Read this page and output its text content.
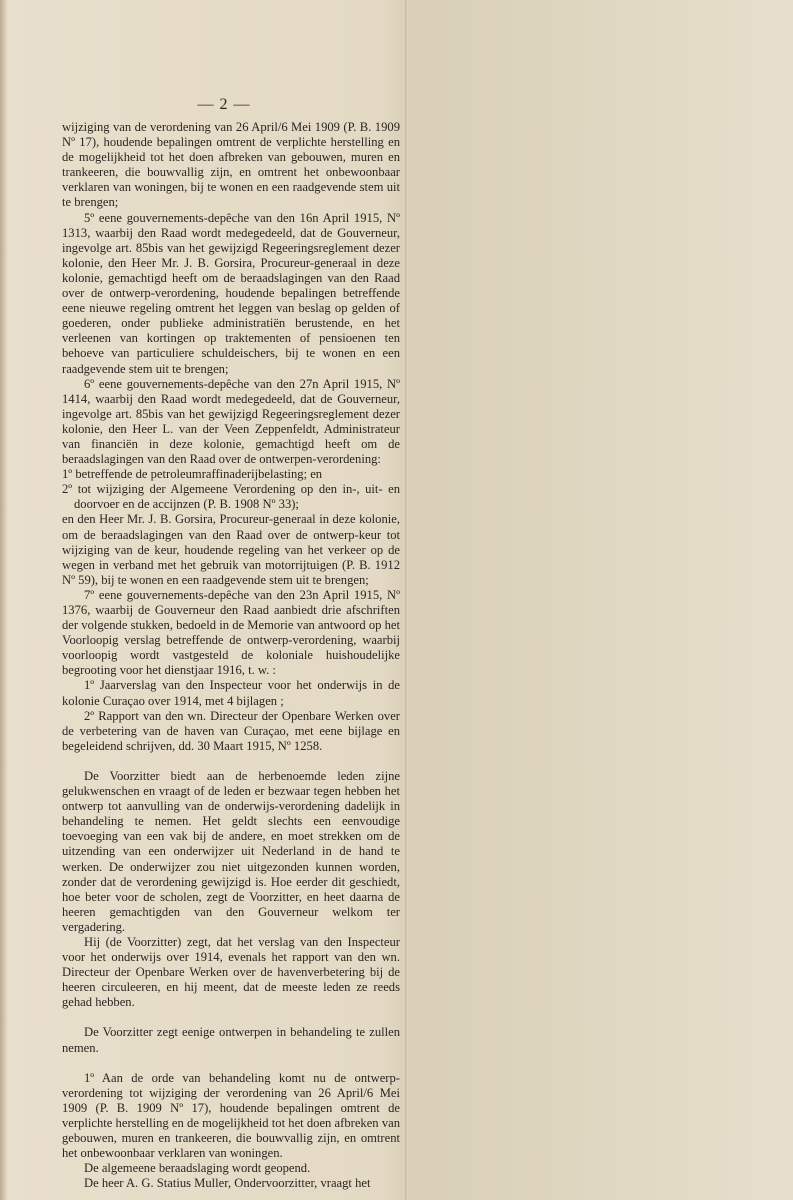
— 2 —

wijziging van de verordening van 26 April/6 Mei 1909 (P. B. 1909 Nº 17), houdende bepalingen omtrent de verplichte herstelling en de mogelijkheid tot het doen afbreken van gebouwen, muren en trankeeren, die bouwvallig zijn, en omtrent het onbewoonbaar verklaren van woningen, bij te wonen en een raadgevende stem uit te brengen;

5º eene gouvernements-depêche van den 16n April 1915, Nº 1313, waarbij den Raad wordt medegedeeld, dat de Gouverneur, ingevolge art. 85bis van het gewijzigd Regeeringsreglement dezer kolonie, den Heer Mr. J. B. Gorsira, Procureur-generaal in deze kolonie, gemachtigd heeft om de beraadslagingen van den Raad over de ontwerp-verordening, houdende bepalingen betreffende eene nieuwe regeling omtrent het leggen van beslag op gelden of goederen, onder publieke administratiën berustende, en het verleenen van kortingen op traktementen of pensioenen ten behoeve van particuliere schuldeischers, bij te wonen en een raadgevende stem uit te brengen;

6º eene gouvernements-depêche van den 27n April 1915, Nº 1414, waarbij den Raad wordt medegedeeld, dat de Gouverneur, ingevolge art. 85bis van het gewijzigd Regeeringsreglement dezer kolonie, den Heer L. van der Veen Zeppenfeldt, Administrateur van financiën in deze kolonie, gemachtigd heeft om de beraadslagingen van den Raad over de ontwerpen-verordening:

1º betreffende de petroleumraffinaderijbelasting; en

2º tot wijziging der Algemeene Verordening op den in-, uit- en doorvoer en de accijnzen (P. B. 1908 Nº 33);

en den Heer Mr. J. B. Gorsira, Procureur-generaal in deze kolonie, om de beraadslagingen van den Raad over de ontwerp-keur tot wijziging van de keur, houdende regeling van het verkeer op de wegen in verband met het gebruik van motorrijtuigen (P. B. 1912 Nº 59), bij te wonen en een raadgevende stem uit te brengen;

7º eene gouvernements-depêche van den 23n April 1915, Nº 1376, waarbij de Gouverneur den Raad aanbiedt drie afschriften der volgende stukken, bedoeld in de Memorie van antwoord op het Voorloopig verslag betreffende de ontwerp-verordening, waarbij voorloopig wordt vastgesteld de koloniale huishoudelijke begrooting voor het dienstjaar 1916, t. w. :

1º Jaarverslag van den Inspecteur voor het onderwijs in de kolonie Curaçao over 1914, met 4 bijlagen ;

2º Rapport van den wn. Directeur der Openbare Werken over de verbetering van de haven van Curaçao, met eene bijlage en begeleidend schrijven, dd. 30 Maart 1915, Nº 1258.

De Voorzitter biedt aan de herbenoemde leden zijne gelukwenschen en vraagt of de leden er bezwaar tegen hebben het ontwerp tot aanvulling van de onderwijs-verordening dadelijk in behandeling te nemen. Het geldt slechts een eenvoudige toevoeging van een vak bij de andere, en moet strekken om de uitzending van een onderwijzer uit Nederland in de hand te werken. De onderwijzer zou niet uitgezonden kunnen worden, zonder dat de verordening gewijzigd is. Hoe eerder dit geschiedt, hoe beter voor de scholen, zegt de Voorzitter, en heet daarna de heeren gemachtigden van den Gouverneur welkom ter vergadering.

Hij (de Voorzitter) zegt, dat het verslag van den Inspecteur voor het onderwijs over 1914, evenals het rapport van den wn. Directeur der Openbare Werken over de havenverbetering bij de heeren circuleeren, en hij meent, dat de meeste leden ze reeds gehad hebben.

De Voorzitter zegt eenige ontwerpen in behandeling te zullen nemen.

1º Aan de orde van behandeling komt nu de ontwerp-verordening tot wijziging der verordening van 26 April/6 Mei 1909 (P. B. 1909 Nº 17), houdende bepalingen omtrent de verplichte herstelling en de mogelijkheid tot het doen afbreken van gebouwen, muren en trankeeren, die bouwvallig zijn, en omtrent het onbewoonbaar verklaren van woningen.

De algemeene beraadslaging wordt geopend.

De heer A. G. Statius Muller, Ondervoorzitter, vraagt het
